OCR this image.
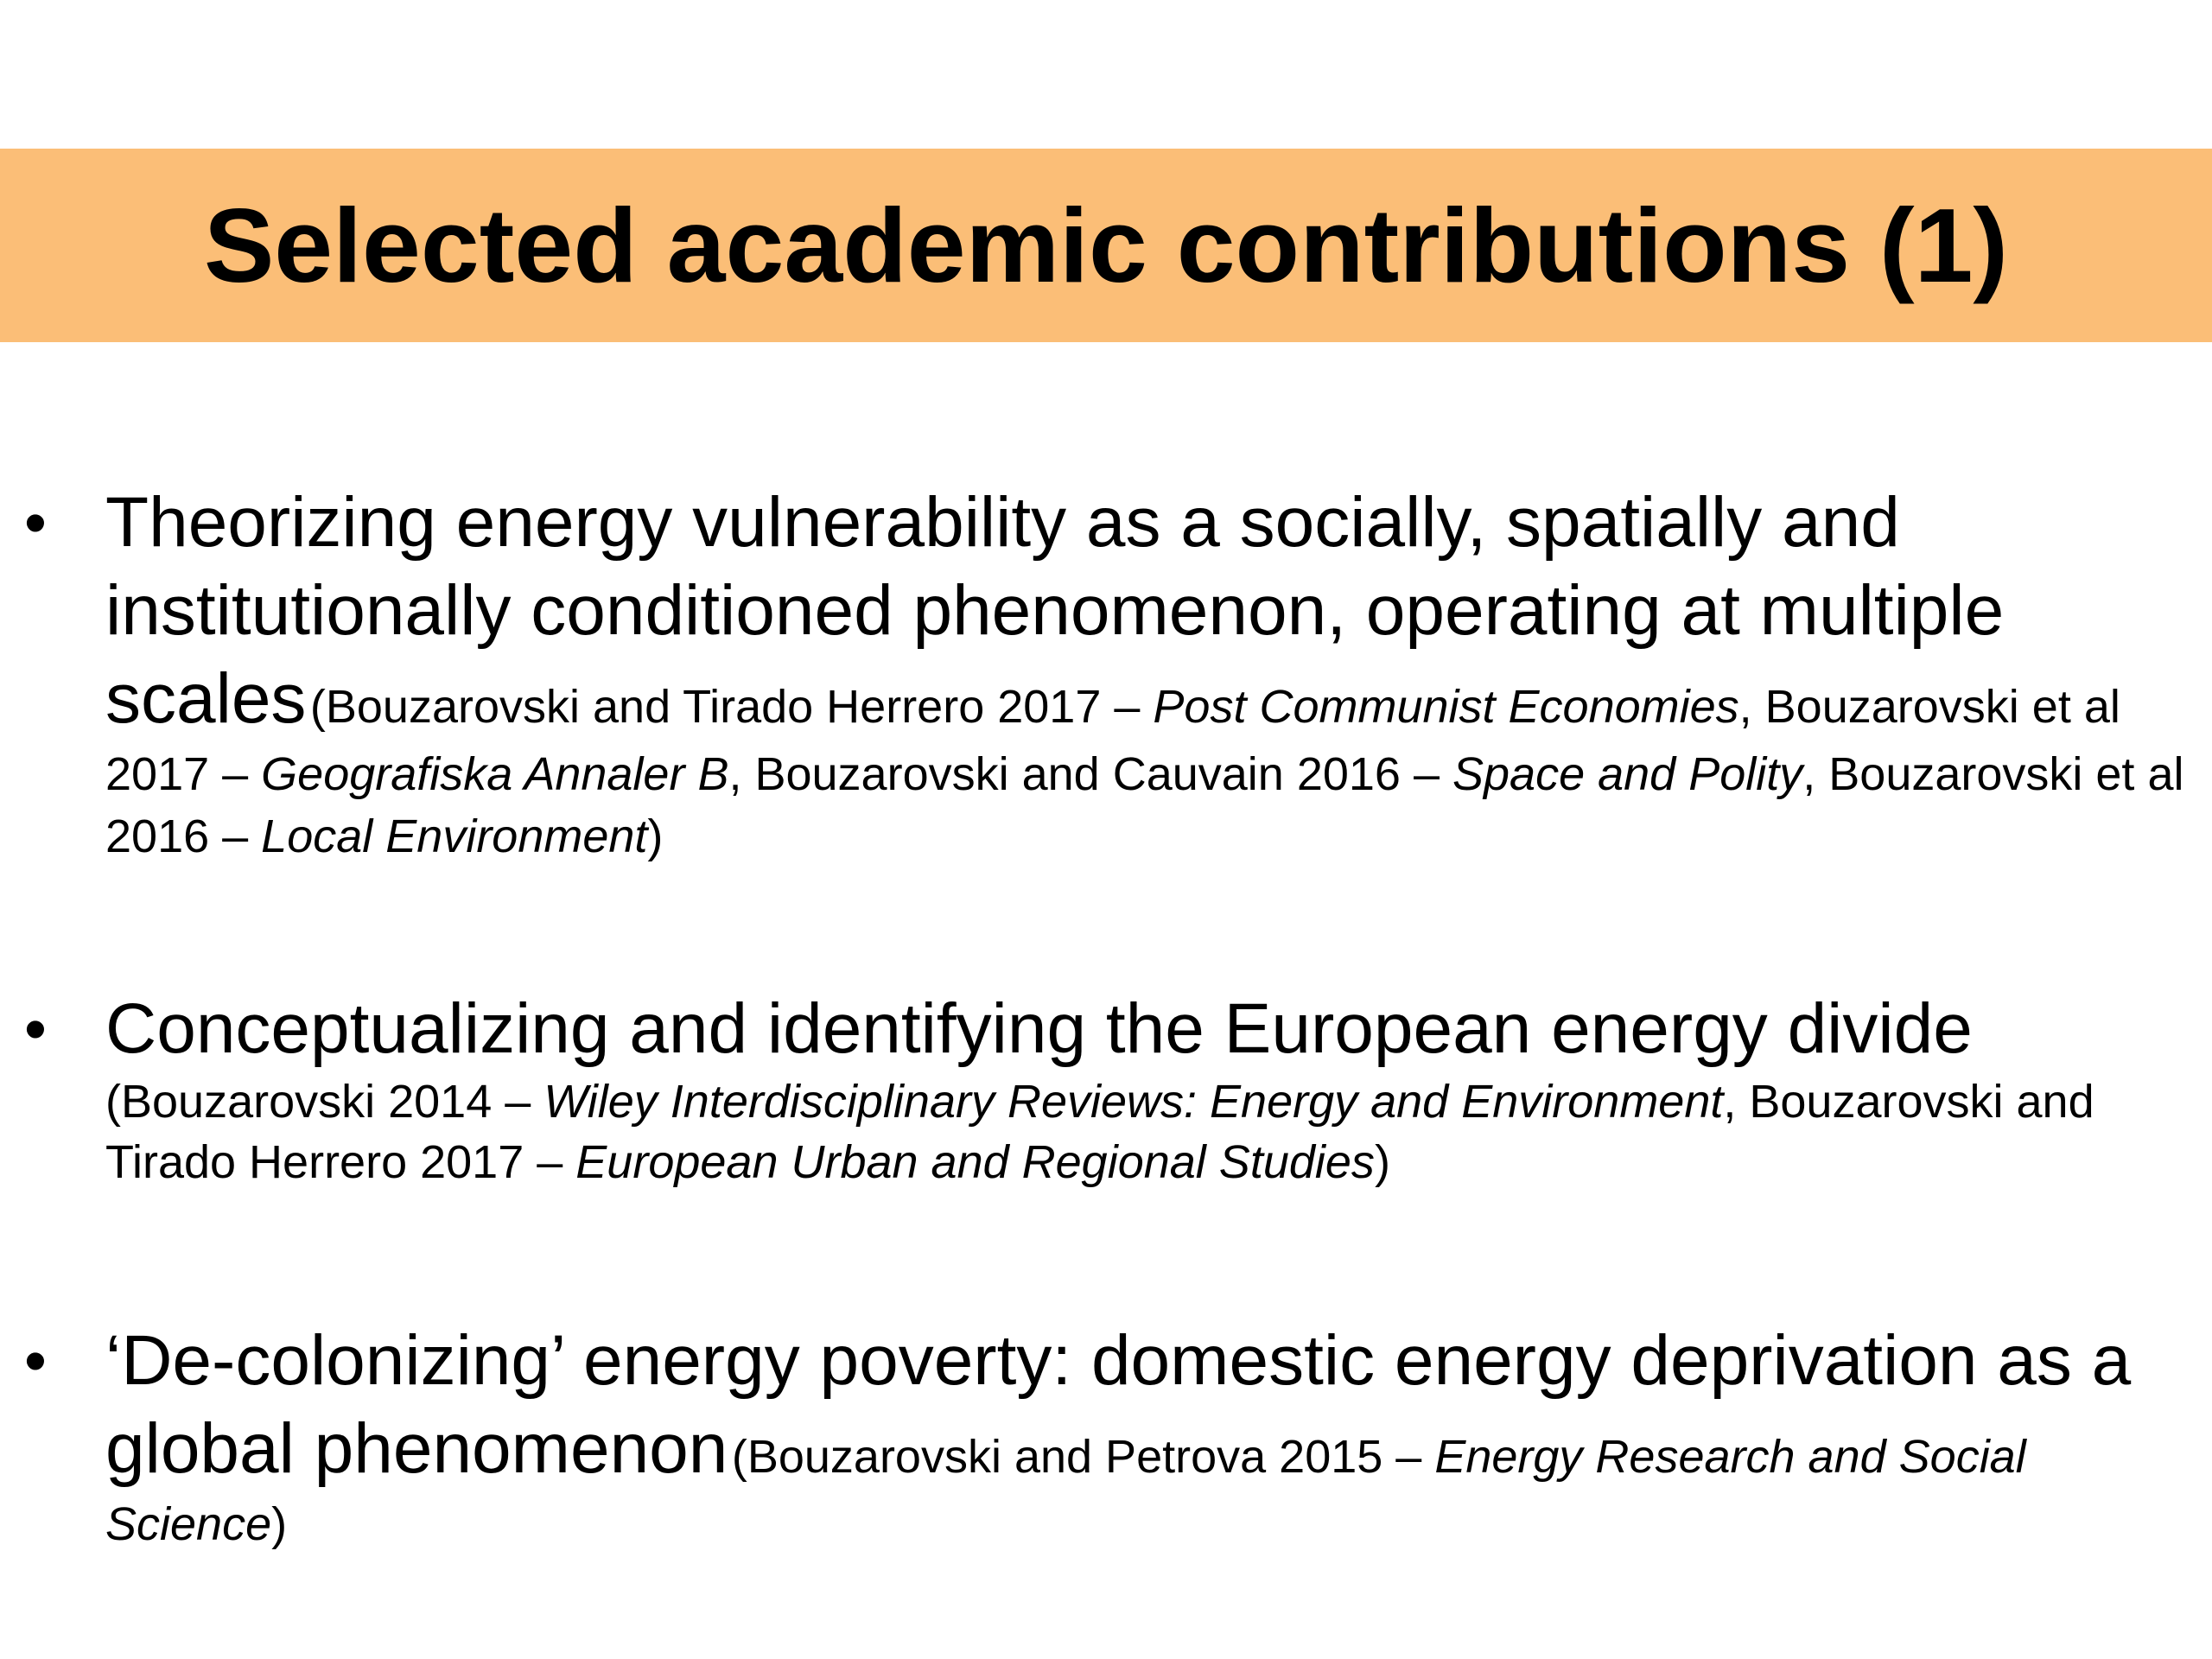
Selected academic contributions (1)
• Theorizing energy vulnerability as a socially, spatially and institutionally conditioned phenomenon, operating at multiple scales (Bouzarovski and Tirado Herrero 2017 – Post Communist Economies, Bouzarovski et al 2017 – Geografiska Annaler B, Bouzarovski and Cauvain 2016 – Space and Polity, Bouzarovski et al 2016 – Local Environment)
• Conceptualizing and identifying the European energy divide
(Bouzarovski 2014 – Wiley Interdisciplinary Reviews: Energy and Environment, Bouzarovski and Tirado Herrero 2017 – European Urban and Regional Studies)
• ‘De-colonizing’ energy poverty: domestic energy deprivation as a global phenomenon (Bouzarovski and Petrova 2015 – Energy Research and Social Science)
